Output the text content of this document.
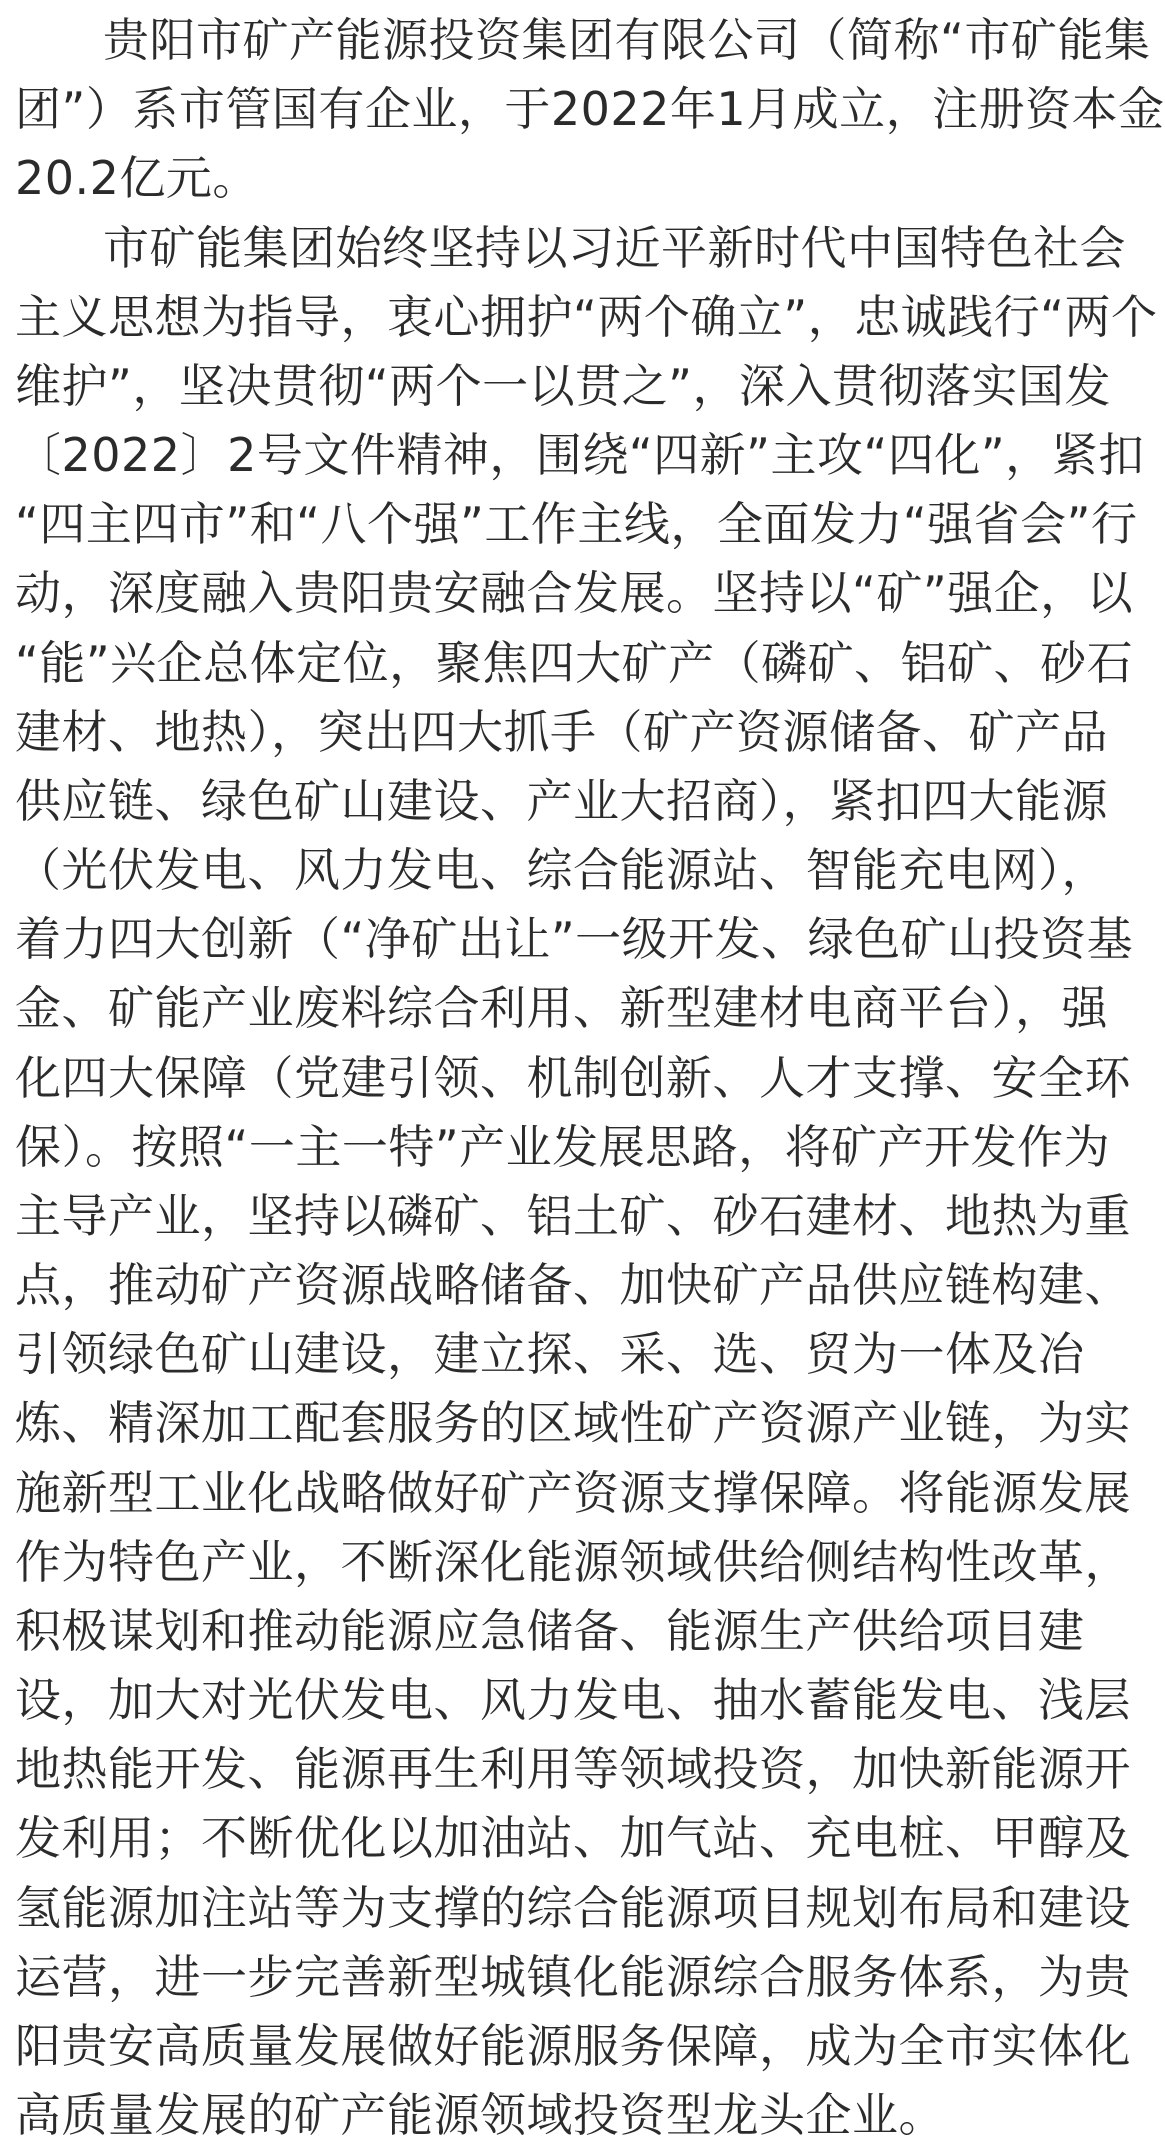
贵阳市矿产能源投资集团有限公司（简称“市矿能集
团”）系市管国有企业，于2022年1月成立，注册资本金
20.2亿元。
市矿能集团始终坚持以习近平新时代中国特色社会
主义思想为指导，衷心拥护“两个确立”，忠诚践行“两个
维护”，坚决贯彻“两个一以贯之”，深入贯彻落实国发
〔2022〕2号文件精神，围绕“四新”主攻“四化”，紧扣
“四主四市”和“八个强”工作主线，全面发力“强省会”行
动，深度融入贵阳贵安融合发展。坚持以“矿”强企，以
“能”兴企总体定位，聚焦四大矿产（磷矿、铝矿、砂石
建材、地热），突出四大抓手（矿产资源储备、矿产品
供应链、绿色矿山建设、产业大招商），紧扣四大能源
（光伏发电、风力发电、综合能源站、智能充电网），
着力四大创新（“净矿出让”一级开发、绿色矿山投资基
金、矿能产业废料综合利用、新型建材电商平台），强
化四大保障（党建引领、机制创新、人才支撑、安全环
保）。按照“一主一特”产业发展思路，将矿产开发作为
主导产业，坚持以磷矿、铝土矿、砂石建材、地热为重
点，推动矿产资源战略储备、加快矿产品供应链构建、
引领绿色矿山建设，建立探、采、选、贸为一体及冶
炼、精深加工配套服务的区域性矿产资源产业链，为实
施新型工业化战略做好矿产资源支撑保障。将能源发展
作为特色产业，不断深化能源领域供给侧结构性改革，
积极谋划和推动能源应急储备、能源生产供给项目建
设，加大对光伏发电、风力发电、抽水蓄能发电、浅层
地热能开发、能源再生利用等领域投资，加快新能源开
发利用；不断优化以加油站、加气站、充电桩、甲醇及
氢能源加注站等为支撑的综合能源项目规划布局和建设
运营，进一步完善新型城镇化能源综合服务体系，为贵
阳贵安高质量发展做好能源服务保障，成为全市实体化
高质量发展的矿产能源领域投资型龙头企业。
